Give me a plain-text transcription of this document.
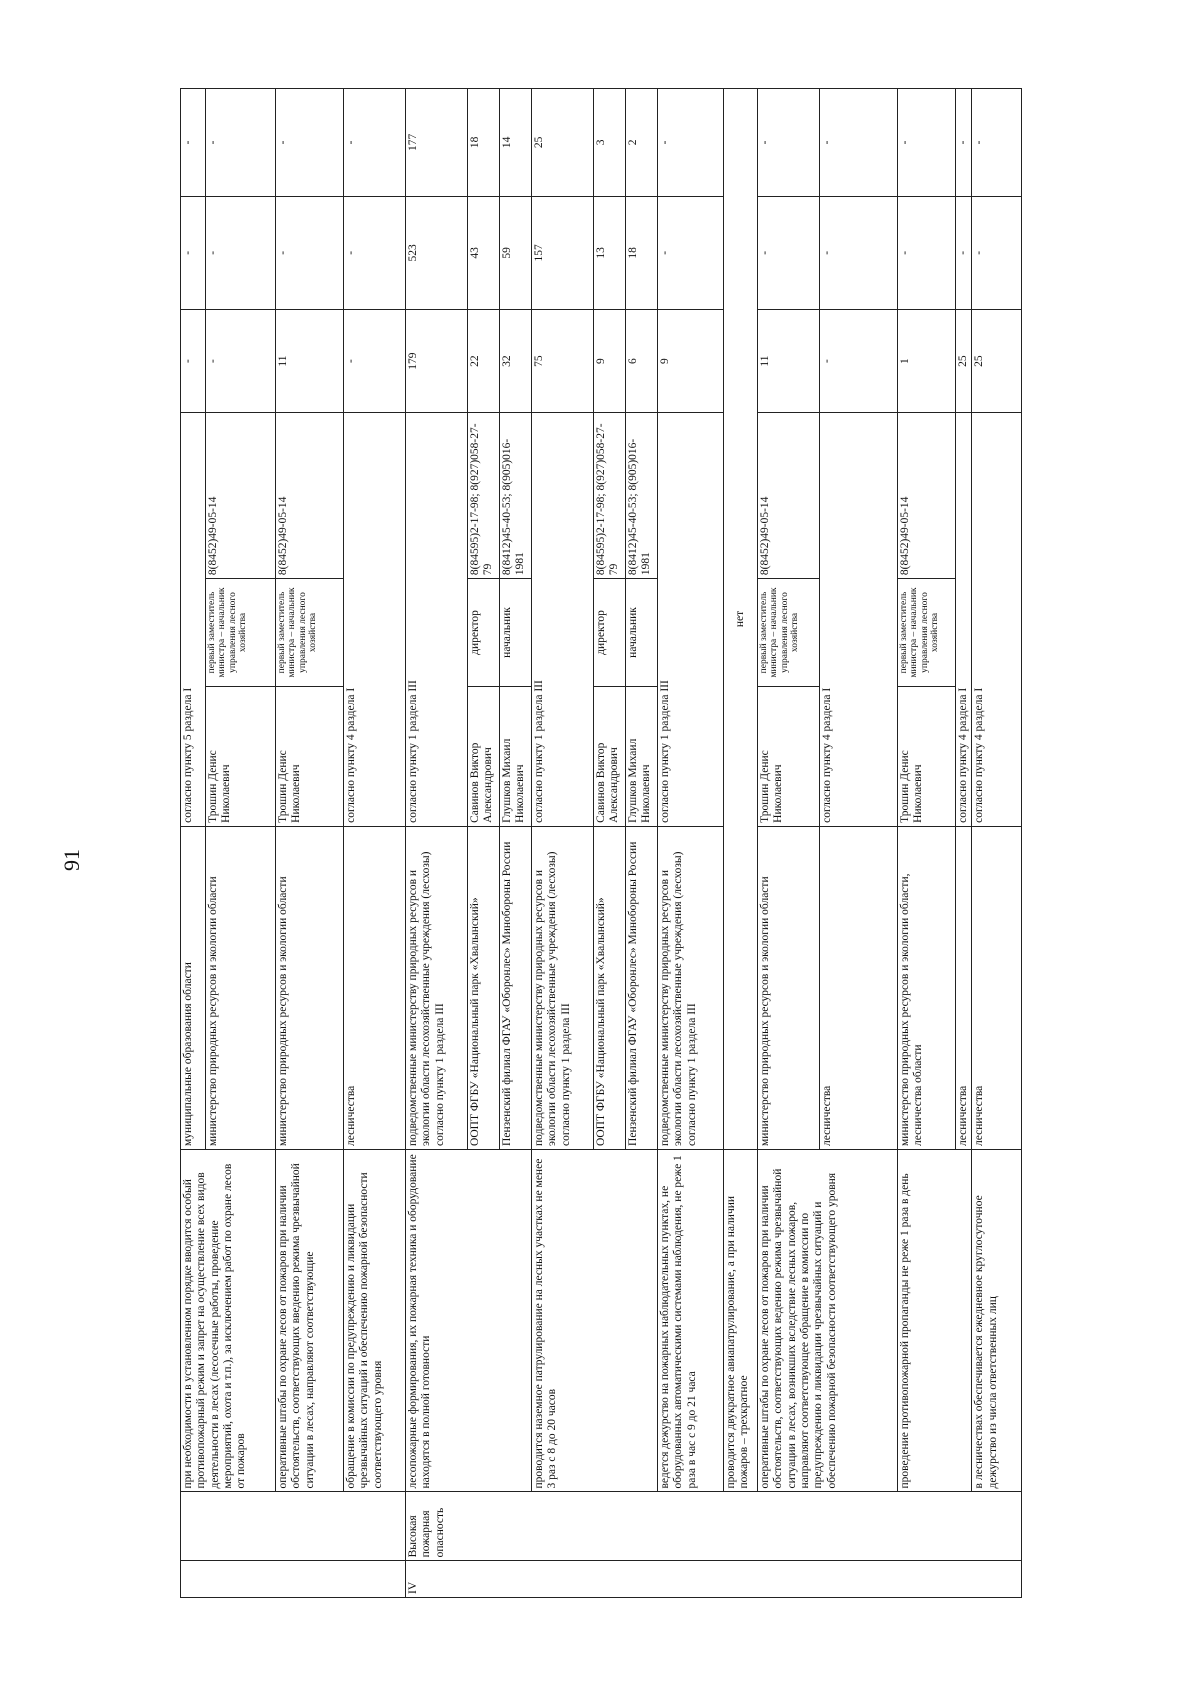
91
		при необходимости в установленном порядке вводится особый противопожарный режим и запрет на осуществление всех видов деятельности в лесах (лесосечные работы, проведение мероприятий, охота и т.п.), за исключением работ по охране лесов от пожаров	муниципальные образования области	согласно пункту 5 раздела I			-	-	-
			министерство природных ресурсов и экологии области	Трошин Денис Николаевич	первый заместитель министра – начальник управления лесного хозяйства	8(8452)49-05-14	-	-	-
		оперативные штабы по охране лесов от пожаров при наличии обстоятельств, соответствующих введению режима чрезвычайной ситуации в лесах, направляют соответствующие	министерство природных ресурсов и экологии области	Трошин Денис Николаевич	первый заместитель министра – начальник управления лесного хозяйства	8(8452)49-05-14	11	-	-
		обращение в комиссии по предупреждению и ликвидации чрезвычайных ситуаций и обеспечению пожарной безопасности соответствующего уровня	лесничества	согласно пункту 4 раздела I			-	-	-
IV	Высокая пожарная опасность	лесопожарные формирования, их пожарная техника и оборудование находятся в полной готовности	подведомственные министерству природных ресурсов и экологии области лесохозяйственные учреждения (лесхозы) согласно пункту 1 раздела III	согласно пункту 1 раздела III			179	523	177
			ООПТ ФГБУ «Национальный парк «Хвалынский»	Савинов Виктор Александрович	директор	8(84595)2-17-98; 8(927)058-27-79	22	43	18
			Пензенский филиал ФГАУ «Оборонлес» Минобороны России	Глушков Михаил Николаевич	начальник	8(8412)45-40-53; 8(905)016-1981	32	59	14
		проводится наземное патрулирование на лесных участках не менее 3 раз с 8 до 20 часов	подведомственные министерству природных ресурсов и экологии области лесохозяйственные учреждения (лесхозы) согласно пункту 1 раздела III	согласно пункту 1 раздела III			75	157	25
			ООПТ ФГБУ «Национальный парк «Хвалынский»	Савинов Виктор Александрович	директор	8(84595)2-17-98; 8(927)058-27-79	9	13	3
			Пензенский филиал ФГАУ «Оборонлес» Минобороны России	Глушков Михаил Николаевич	начальник	8(8412)45-40-53; 8(905)016-1981	6	18	2
		ведется дежурство на пожарных наблюдательных пунктах, не оборудованных автоматическими системами наблюдения, не реже 1 раза в час с 9 до 21 часа	подведомственные министерству природных ресурсов и экологии области лесохозяйственные учреждения (лесхозы) согласно пункту 1 раздела III	согласно пункту 1 раздела III			9	-	-
		проводится двукратное авиапатрулирование, а при наличии пожаров – трехкратное	нет						
		оперативные штабы по охране лесов от пожаров при наличии обстоятельств, соответствующих ведению режима чрезвычайной ситуации в лесах, возникших вследствие лесных пожаров, направляют соответствующее обращение в комиссии по предупреждению и ликвидации чрезвычайных ситуаций и обеспечению пожарной безопасности соответствующего уровня	министерство природных ресурсов и экологии области	Трошин Денис Николаевич	первый заместитель министра – начальник управления лесного хозяйства	8(8452)49-05-14	11	-	-
			лесничества	согласно пункту 4 раздела I			-	-	-
		проведение противопожарной пропаганды не реже 1 раза в день	министерство природных ресурсов и экологии области, лесничества области	Трошин Денис Николаевич	первый заместитель министра – начальник управления лесного хозяйства	8(8452)49-05-14	1	-	-
			лесничества	согласно пункту 4 раздела I			25	-	-
		в лесничествах обеспечивается ежедневное круглосуточное дежурство из числа ответственных лиц	лесничества	согласно пункту 4 раздела I			25	-	-
